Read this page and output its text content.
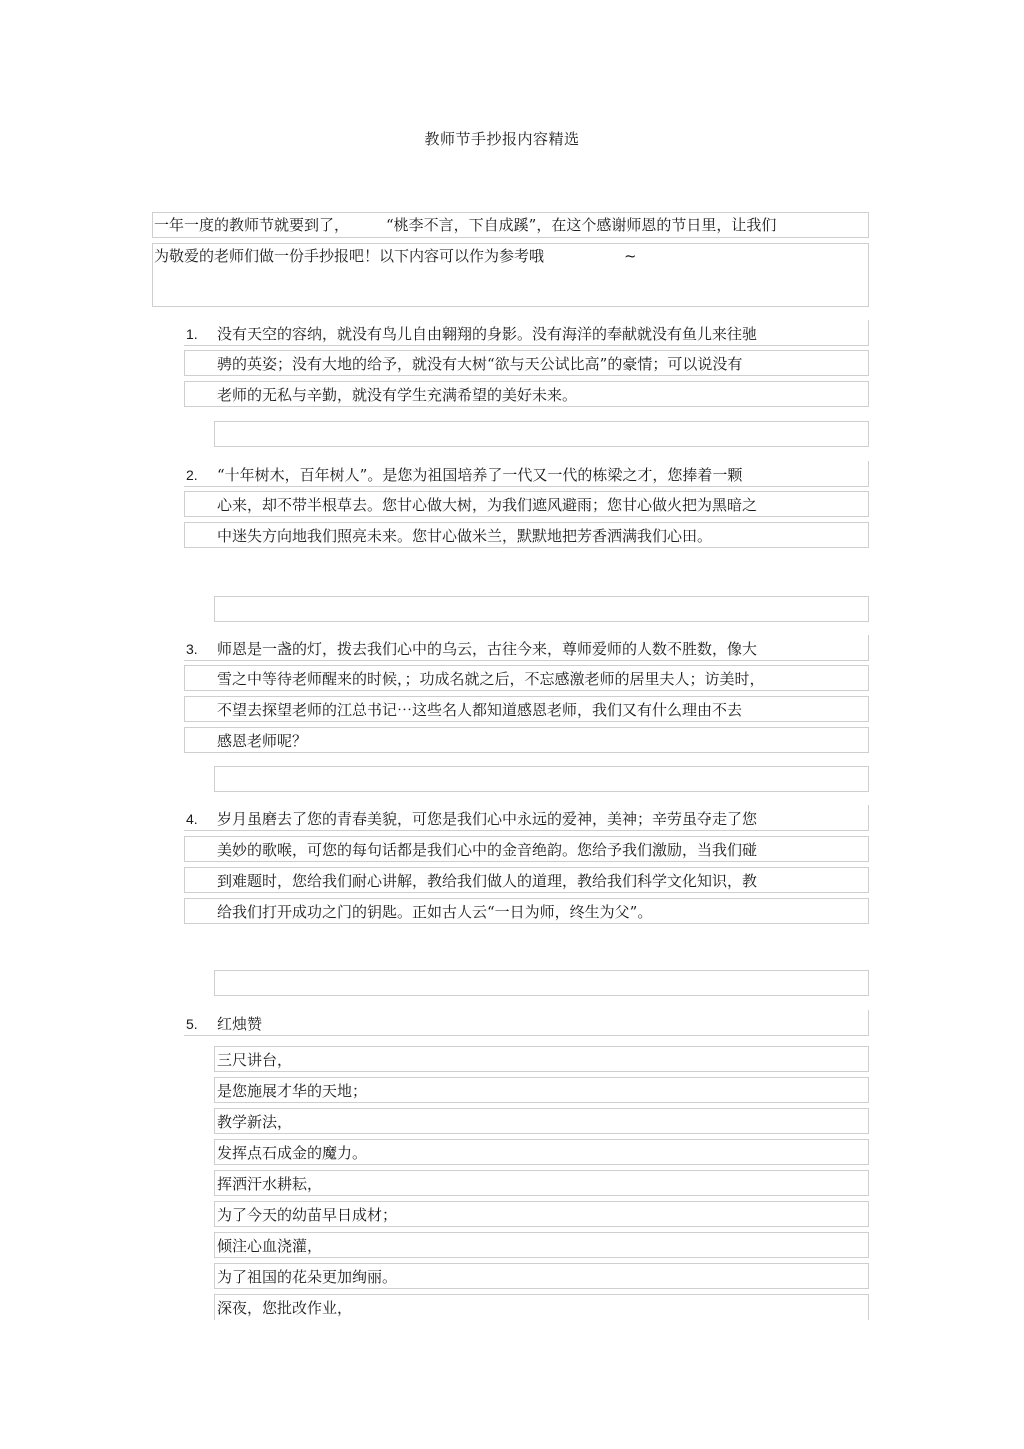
教师节手抄报内容精选
一年一度的教师节就要到了， “桃李不言，下自成蹊”，在这个感谢师恩的节日里，让我们
为敬爱的老师们做一份手抄报吧！以下内容可以作为参考哦	~
1. 没有天空的容纳，就没有鸟儿自由翱翔的身影。没有海洋的奉献就没有鱼儿来往驰
骋的英姿；没有大地的给予，就没有大树“欲与天公试比高”的豪情；可以说没有
老师的无私与辛勤，就没有学生充满希望的美好未来。
2. “十年树木，百年树人”。是您为祖国培养了一代又一代的栋梁之才，您捧着一颗
心来，却不带半根草去。您甘心做大树，为我们遮风避雨；您甘心做火把为黑暗之
中迷失方向地我们照亮未来。您甘心做米兰，默默地把芳香洒满我们心田。
3. 师恩是一盏的灯，拨去我们心中的乌云，古往今来，尊师爱师的人数不胜数，像大
雪之中等待老师醒来的时候，；功成名就之后，不忘感激老师的居里夫人；访美时，
不望去探望老师的江总书记⋯这些名人都知道感恩老师，我们又有什么理由不去
感恩老师呢？
4. 岁月虽磨去了您的青春美貌，可您是我们心中永远的爱神，美神；辛劳虽夺走了您
美妙的歌喉，可您的每句话都是我们心中的金音绝韵。您给予我们激励，当我们碰
到难题时，您给我们耐心讲解，教给我们做人的道理，教给我们科学文化知识，教
给我们打开成功之门的钥匙。正如古人云“一日为师，终生为父”。
5. 红烛赞
三尺讲台，
是您施展才华的天地；
教学新法，
发挥点石成金的魔力。
挥洒汗水耕耘，
为了今天的幼苗早日成材；
倾注心血浇灌，
为了祖国的花朵更加绚丽。
深夜，您批改作业，
